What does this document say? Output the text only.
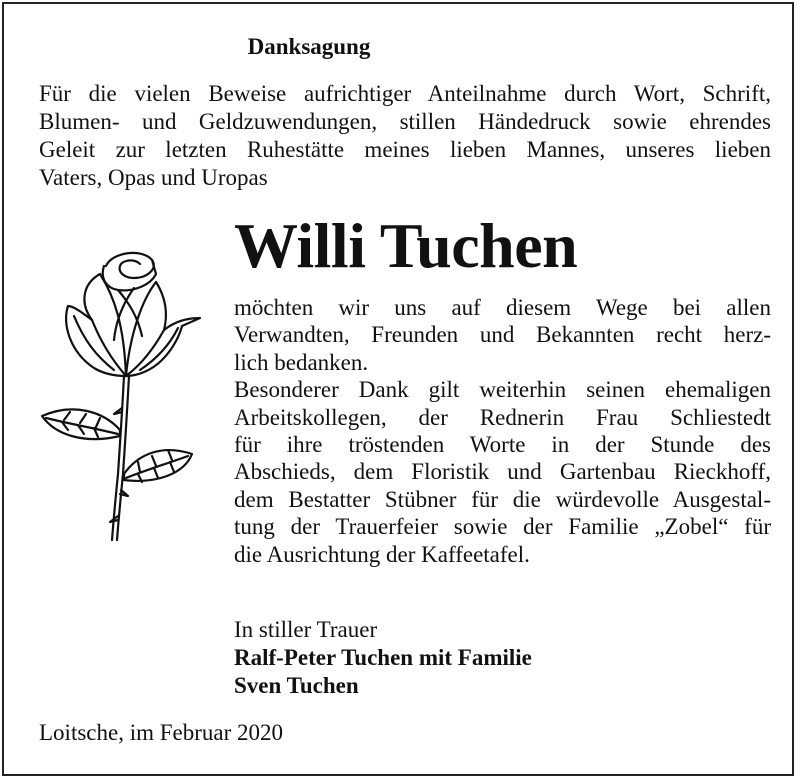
Danksagung
Für die vielen Beweise aufrichtiger Anteilnahme durch Wort, Schrift,
Blumen- und Geldzuwendungen, stillen Händedruck sowie ehrendes
Geleit zur letzten Ruhestätte meines lieben Mannes, unseres lieben
Vaters, Opas und Uropas
Willi Tuchen
möchten wir uns auf diesem Wege bei allen
Verwandten, Freunden und Bekannten recht herz-
lich bedanken.
Besonderer Dank gilt weiterhin seinen ehemaligen
Arbeitskollegen, der Rednerin Frau Schliestedt
für ihre tröstenden Worte in der Stunde des
Abschieds, dem Floristik und Gartenbau Rieckhoff,
dem Bestatter Stübner für die würdevolle Ausgestal-
tung der Trauerfeier sowie der Familie „Zobel“ für
die Ausrichtung der Kaffeetafel.
In stiller Trauer
Ralf-Peter Tuchen mit Familie
Sven Tuchen
Loitsche, im Februar 2020
